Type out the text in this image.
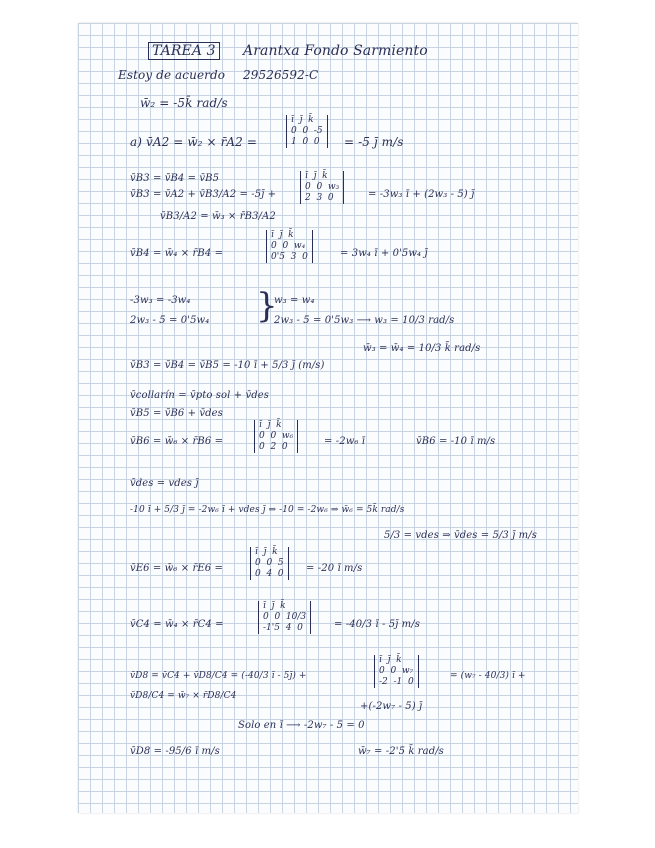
TAREA 3 Arantxa Fondo Sarmiento
Estoy de acuerdo 29526592-C
w̄₂ = -5k̄ rad/s
a) v̄A2 = w̄₂ × r̄A2 =
ī  j̄  k̄
0  0  -5
1  0  0 = -5 j̄ m/s
v̄B3 = v̄B4 = v̄B5
v̄B3 = v̄A2 + v̄B3/A2 = -5j̄ +
ī  j̄  k̄
0  0  w₃
2  3  0	= -3w₃ ī + (2w₃ - 5) j̄
v̄B3/A2 = w̄₃ × r̄B3/A2
v̄B4 = w̄₄ × r̄B4 =
ī  j̄  k̄
0  0  w₄
0'5  3  0	= 3w₄ ī + 0'5w₄ j̄
-3w₃ = -3w₄
2w₃ - 5 = 0'5w₄ }
w₃ = w₄
2w₃ - 5 = 0'5w₃ ⟶ w₃ = 10/3 rad/s
w̄₃ = w̄₄ = 10/3 k̄ rad/s
v̄B3 = v̄B4 = v̄B5 = -10 ī + 5/3 j̄ (m/s)
v̄collarín = v̄pto sol + v̄des
v̄B5 = v̄B6 + v̄des
v̄B6 = w̄₆ × r̄B6 =
ī  j̄  k̄
0  0  w₆
0  2  0	= -2w₆ ī	v̄B6 = -10 ī m/s
v̄des = vdes j̄
-10 ī + 5/3 j̄ = -2w₆ ī + vdes j̄ ⇒ -10 = -2w₆ ⇒ w̄₆ = 5k̄ rad/s
5/3 = vdes ⇒ v̄des = 5/3 j̄ m/s
v̄E6 = w̄₆ × r̄E6 =
ī  j̄  k̄
0  0  5
0  4  0 = -20 ī m/s
v̄C4 = w̄₄ × r̄C4 =
ī  j̄  k̄
0  0  10/3
-1'5  4  0	= -40/3 ī - 5j̄ m/s
v̄D8 = v̄C4 + v̄D8/C4 = (-40/3 ī - 5j̄) +
ī  j̄  k̄
0  0  w₇
-2  -1  0
= (w₇ - 40/3) ī +
v̄D8/C4 = w̄₇ × r̄D8/C4
+(-2w₇ - 5) j̄
Solo en ī ⟶ -2w₇ - 5 = 0
v̄D8 = -95/6 ī m/s	w̄₇ = -2'5 k̄ rad/s
